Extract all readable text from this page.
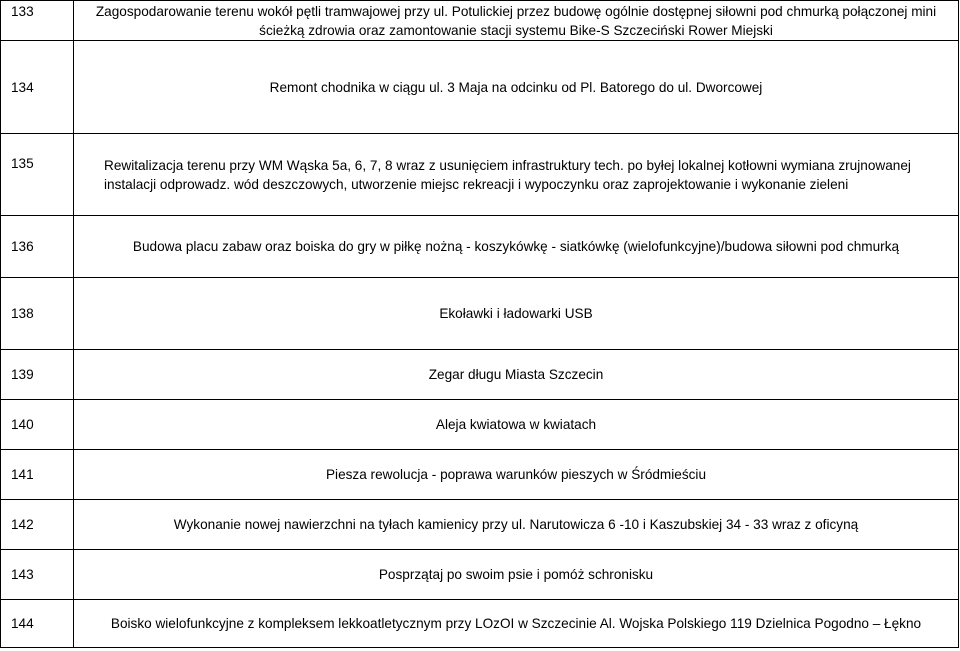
133	Zagospodarowanie terenu wokół pętli tramwajowej przy ul. Potulickiej przez budowę ogólnie dostępnej siłowni pod chmurką połączonej mini ścieżką zdrowia oraz zamontowanie stacji systemu Bike-S Szczeciński Rower Miejski
134	Remont chodnika w ciągu ul. 3 Maja na odcinku od Pl. Batorego do ul. Dworcowej
135	Rewitalizacja terenu przy WM Wąska 5a, 6, 7, 8 wraz z usunięciem infrastruktury tech. po byłej lokalnej kotłowni wymiana zrujnowanej instalacji odprowadz. wód deszczowych, utworzenie miejsc rekreacji i wypoczynku oraz zaprojektowanie i wykonanie zieleni
136	Budowa placu zabaw oraz boiska do gry w piłkę nożną - koszykówkę - siatkówkę (wielofunkcyjne)/budowa siłowni pod chmurką
138	Ekoławki i ładowarki USB
139	Zegar długu Miasta Szczecin
140	Aleja kwiatowa w kwiatach
141	Piesza rewolucja - poprawa warunków pieszych w Śródmieściu
142	Wykonanie nowej nawierzchni na tyłach kamienicy przy ul. Narutowicza 6 -10 i Kaszubskiej 34 - 33 wraz z oficyną
143	Posprzątaj po swoim psie i pomóż schronisku
144	Boisko wielofunkcyjne z kompleksem lekkoatletycznym przy LOzOI w Szczecinie Al. Wojska Polskiego 119 Dzielnica Pogodno – Łękno
